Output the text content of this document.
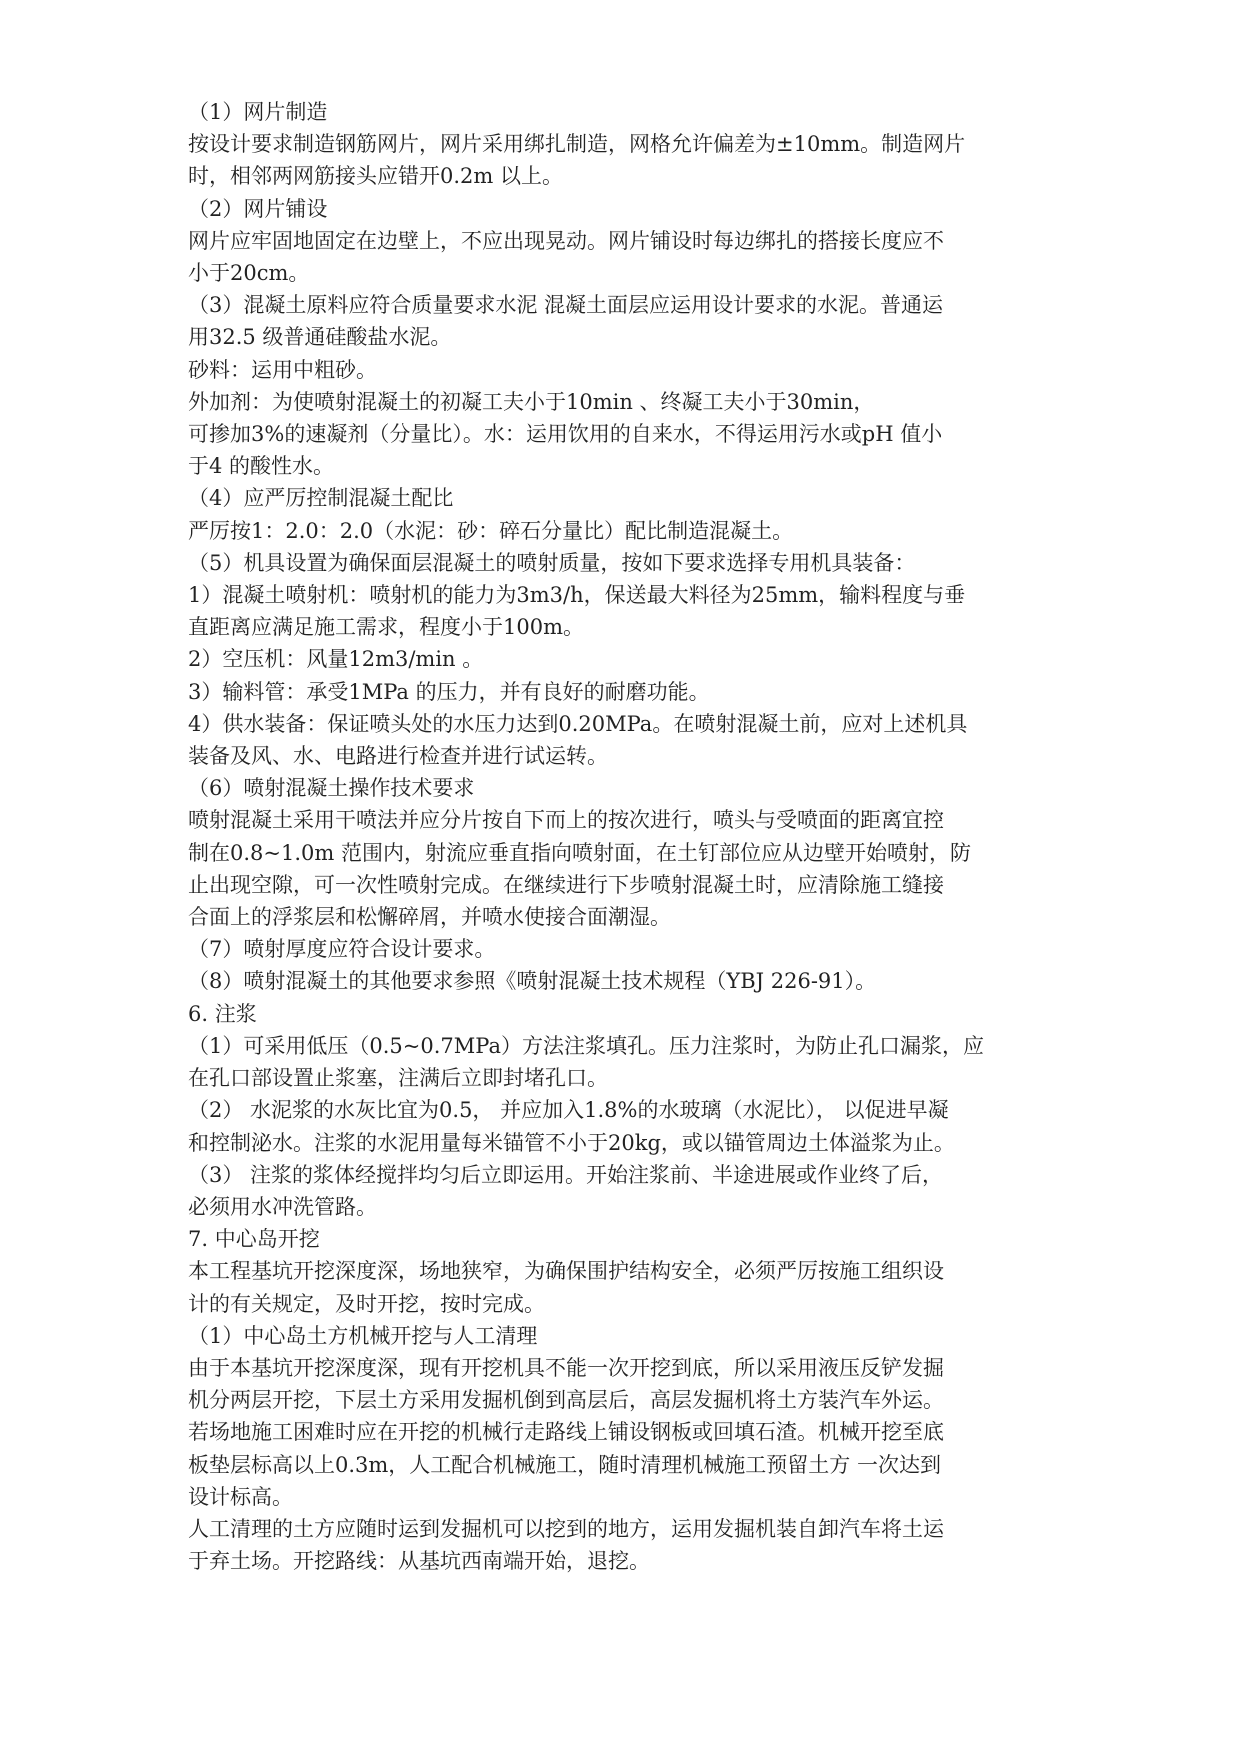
（1）网片制造

按设计要求制造钢筋网片，网片采用绑扎制造，网格允许偏差为±10mm。制造网片

时，相邻两网筋接头应错开0.2m 以上。

（2）网片铺设

网片应牢固地固定在边壁上，不应出现晃动。网片铺设时每边绑扎的搭接长度应不

小于20cm。

（3）混凝土原料应符合质量要求水泥 混凝土面层应运用设计要求的水泥。普通运

用32.5 级普通硅酸盐水泥。

砂料：运用中粗砂。

外加剂：为使喷射混凝土的初凝工夫小于10min 、终凝工夫小于30min，

可掺加3%的速凝剂（分量比）。水：运用饮用的自来水，不得运用污水或pH 值小

于4 的酸性水。

（4）应严厉控制混凝土配比

严厉按1：2.0：2.0（水泥：砂：碎石分量比）配比制造混凝土。

（5）机具设置为确保面层混凝土的喷射质量，按如下要求选择专用机具装备：

1）混凝土喷射机：喷射机的能力为3m3/h，保送最大料径为25mm，输料程度与垂

直距离应满足施工需求，程度小于100m。

2）空压机：风量12m3/min 。

3）输料管：承受1MPa 的压力，并有良好的耐磨功能。

4）供水装备：保证喷头处的水压力达到0.20MPa。在喷射混凝土前，应对上述机具

装备及风、水、电路进行检查并进行试运转。

（6）喷射混凝土操作技术要求

喷射混凝土采用干喷法并应分片按自下而上的按次进行，喷头与受喷面的距离宜控

制在0.8~1.0m 范围内，射流应垂直指向喷射面，在土钉部位应从边壁开始喷射，防

止出现空隙，可一次性喷射完成。在继续进行下步喷射混凝土时，应清除施工缝接

合面上的浮浆层和松懈碎屑，并喷水使接合面潮湿。

（7）喷射厚度应符合设计要求。

（8）喷射混凝土的其他要求参照《喷射混凝土技术规程（YBJ 226-91）。

6. 注浆

（1）可采用低压（0.5~0.7MPa）方法注浆填孔。压力注浆时，为防止孔口漏浆，应

在孔口部设置止浆塞，注满后立即封堵孔口。

（2） 水泥浆的水灰比宜为0.5， 并应加入1.8%的水玻璃（水泥比）， 以促进早凝

和控制泌水。注浆的水泥用量每米锚管不小于20kg，或以锚管周边土体溢浆为止。

（3） 注浆的浆体经搅拌均匀后立即运用。开始注浆前、半途进展或作业终了后，

必须用水冲洗管路。

7. 中心岛开挖

本工程基坑开挖深度深，场地狭窄，为确保围护结构安全，必须严厉按施工组织设

计的有关规定，及时开挖，按时完成。

（1）中心岛土方机械开挖与人工清理

由于本基坑开挖深度深，现有开挖机具不能一次开挖到底，所以采用液压反铲发掘

机分两层开挖，下层土方采用发掘机倒到高层后，高层发掘机将土方装汽车外运。

若场地施工困难时应在开挖的机械行走路线上铺设钢板或回填石渣。机械开挖至底

板垫层标高以上0.3m，人工配合机械施工，随时清理机械施工预留土方 一次达到

设计标高。

人工清理的土方应随时运到发掘机可以挖到的地方，运用发掘机装自卸汽车将土运

于弃土场。开挖路线：从基坑西南端开始，退挖。
